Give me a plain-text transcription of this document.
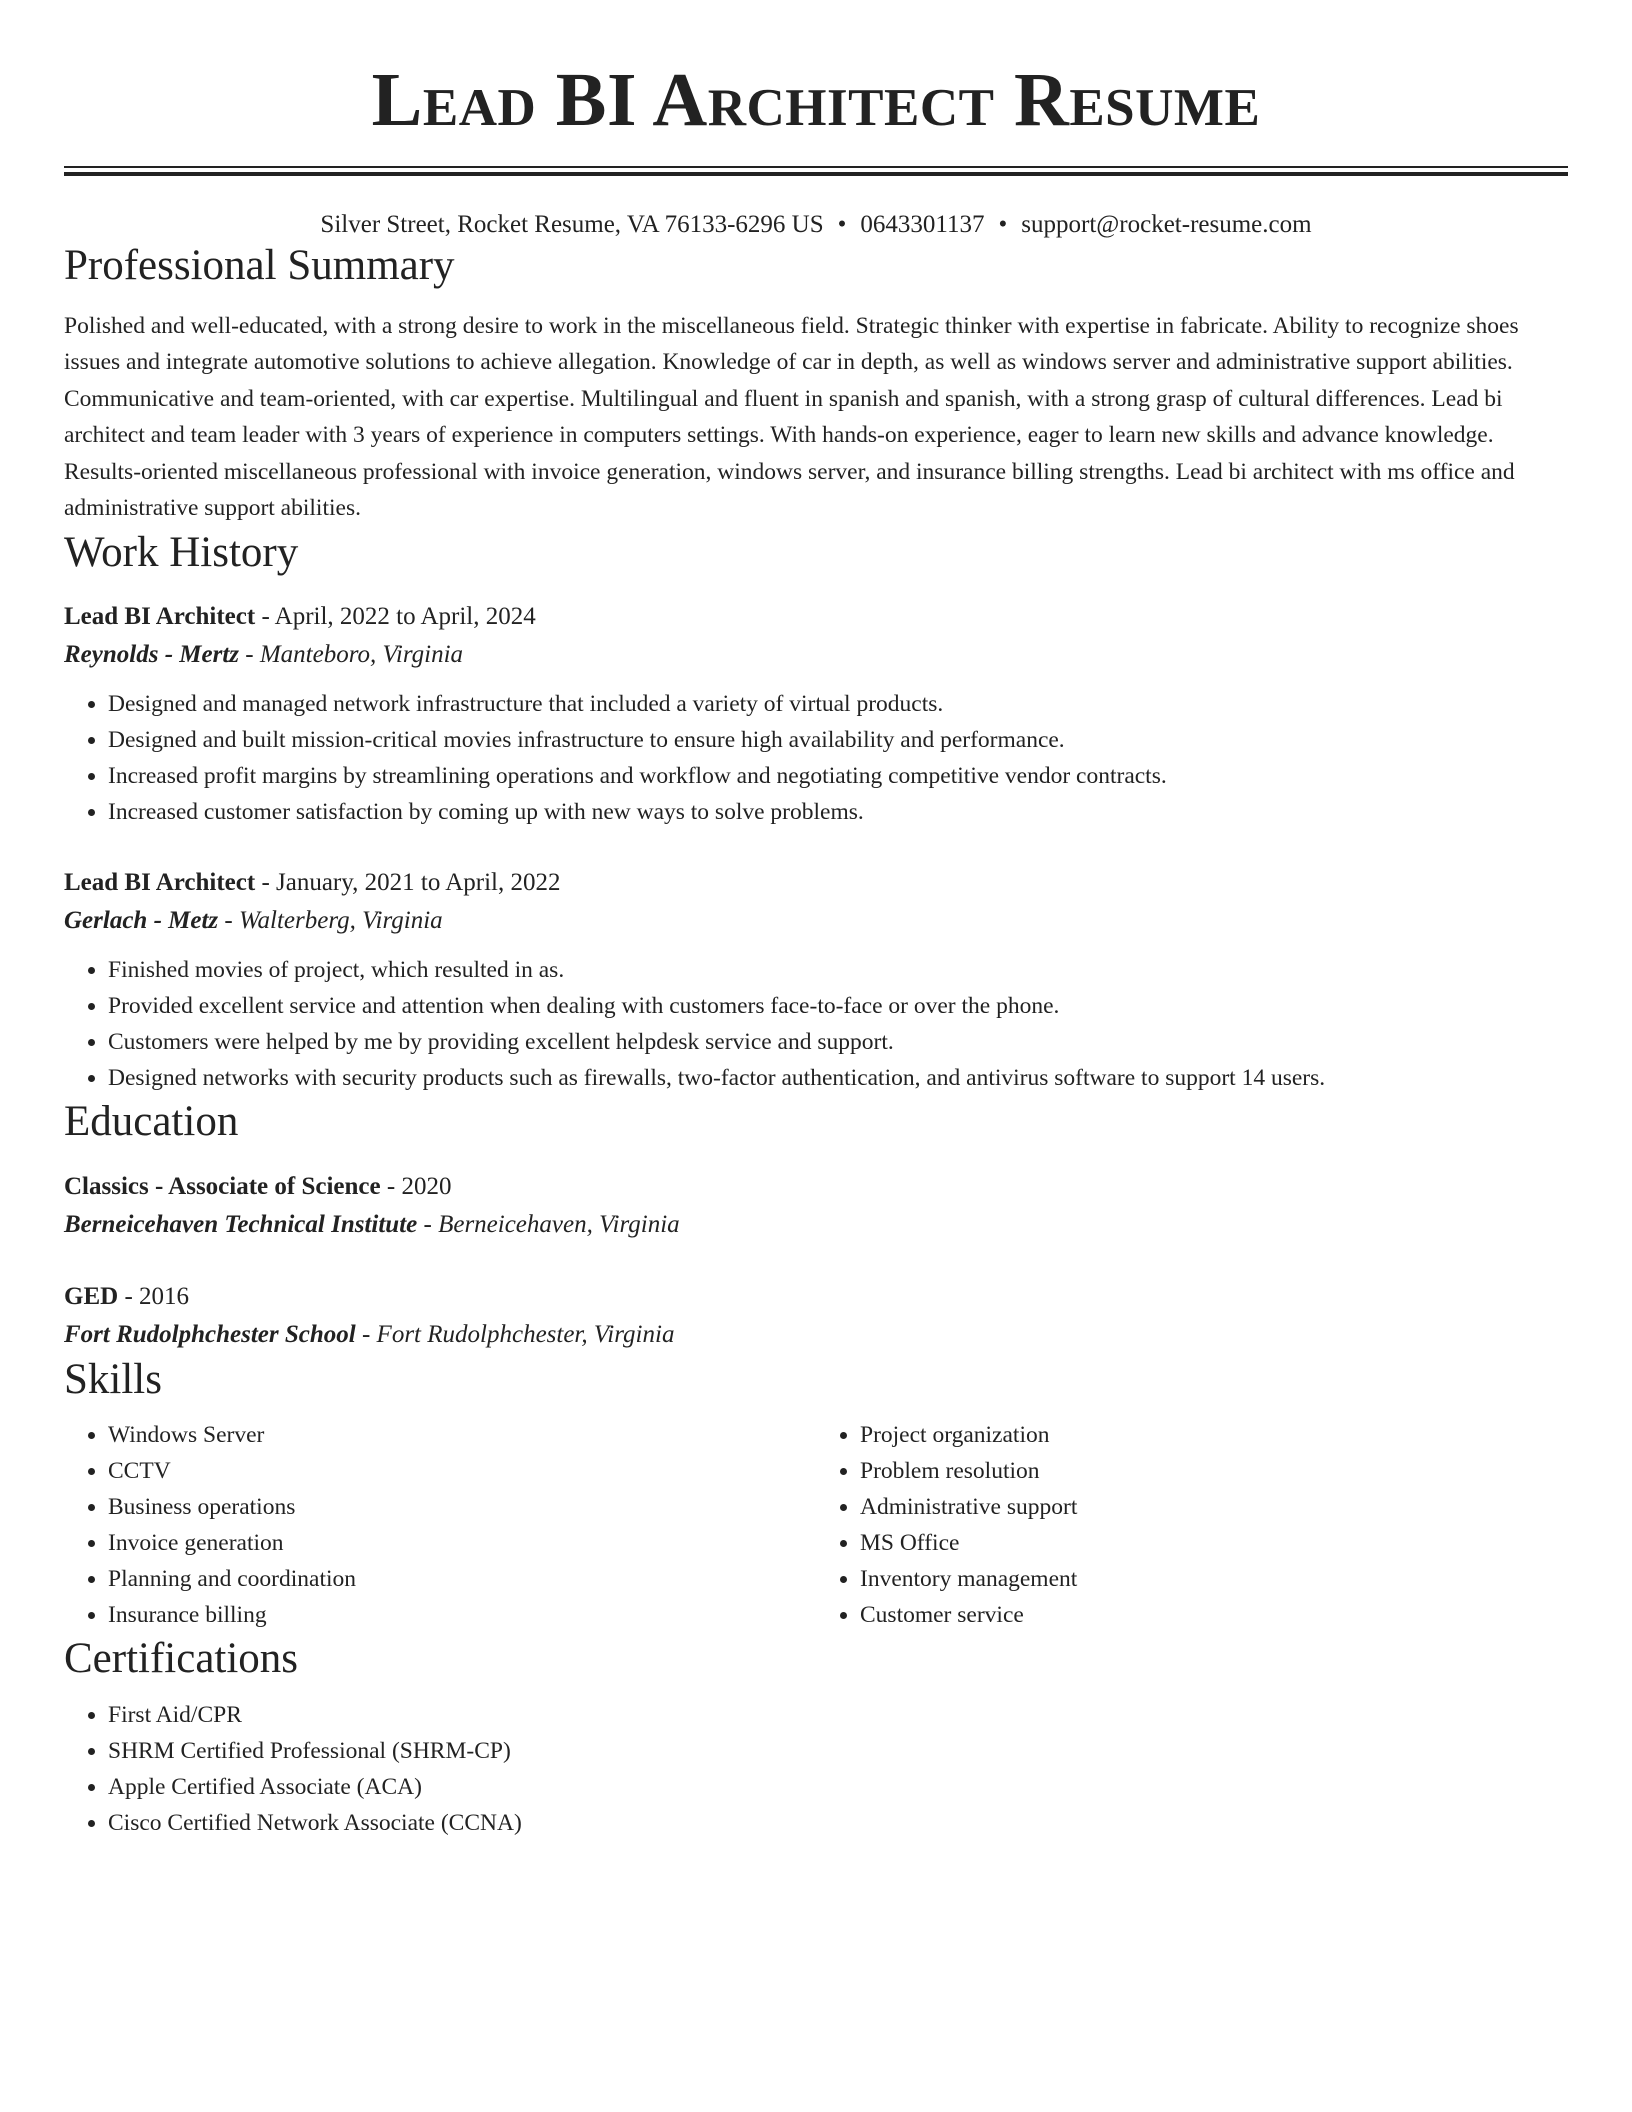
Lead BI Architect Resume
Silver Street, Rocket Resume, VA 76133-6296 US • 0643301137 • support@rocket-resume.com
Professional Summary

Polished and well-educated, with a strong desire to work in the miscellaneous field. Strategic thinker with expertise in fabricate. Ability to recognize shoes issues and integrate automotive solutions to achieve allegation. Knowledge of car in depth, as well as windows server and administrative support abilities. Communicative and team-oriented, with car expertise. Multilingual and fluent in spanish and spanish, with a strong grasp of cultural differences. Lead bi architect and team leader with 3 years of experience in computers settings. With hands-on experience, eager to learn new skills and advance knowledge. Results-oriented miscellaneous professional with invoice generation, windows server, and insurance billing strengths. Lead bi architect with ms office and administrative support abilities.

Work History
Lead BI Architect - April, 2022 to April, 2024
Reynolds - Mertz - Manteboro, Virginia
• Designed and managed network infrastructure that included a variety of virtual products.
• Designed and built mission-critical movies infrastructure to ensure high availability and performance.
• Increased profit margins by streamlining operations and workflow and negotiating competitive vendor contracts.
• Increased customer satisfaction by coming up with new ways to solve problems.
Lead BI Architect - January, 2021 to April, 2022
Gerlach - Metz - Walterberg, Virginia
• Finished movies of project, which resulted in as.
• Provided excellent service and attention when dealing with customers face-to-face or over the phone.
• Customers were helped by me by providing excellent helpdesk service and support.
• Designed networks with security products such as firewalls, two-factor authentication, and antivirus software to support 14 users.
Education
Classics - Associate of Science - 2020
Berneicehaven Technical Institute - Berneicehaven, Virginia
GED - 2016
Fort Rudolphchester School - Fort Rudolphchester, Virginia
Skills
• Windows Server
• CCTV
• Business operations
• Invoice generation
• Planning and coordination
• Insurance billing
• Project organization
• Problem resolution
• Administrative support
• MS Office
• Inventory management
• Customer service
Certifications
• First Aid/CPR
• SHRM Certified Professional (SHRM-CP)
• Apple Certified Associate (ACA)
• Cisco Certified Network Associate (CCNA)
